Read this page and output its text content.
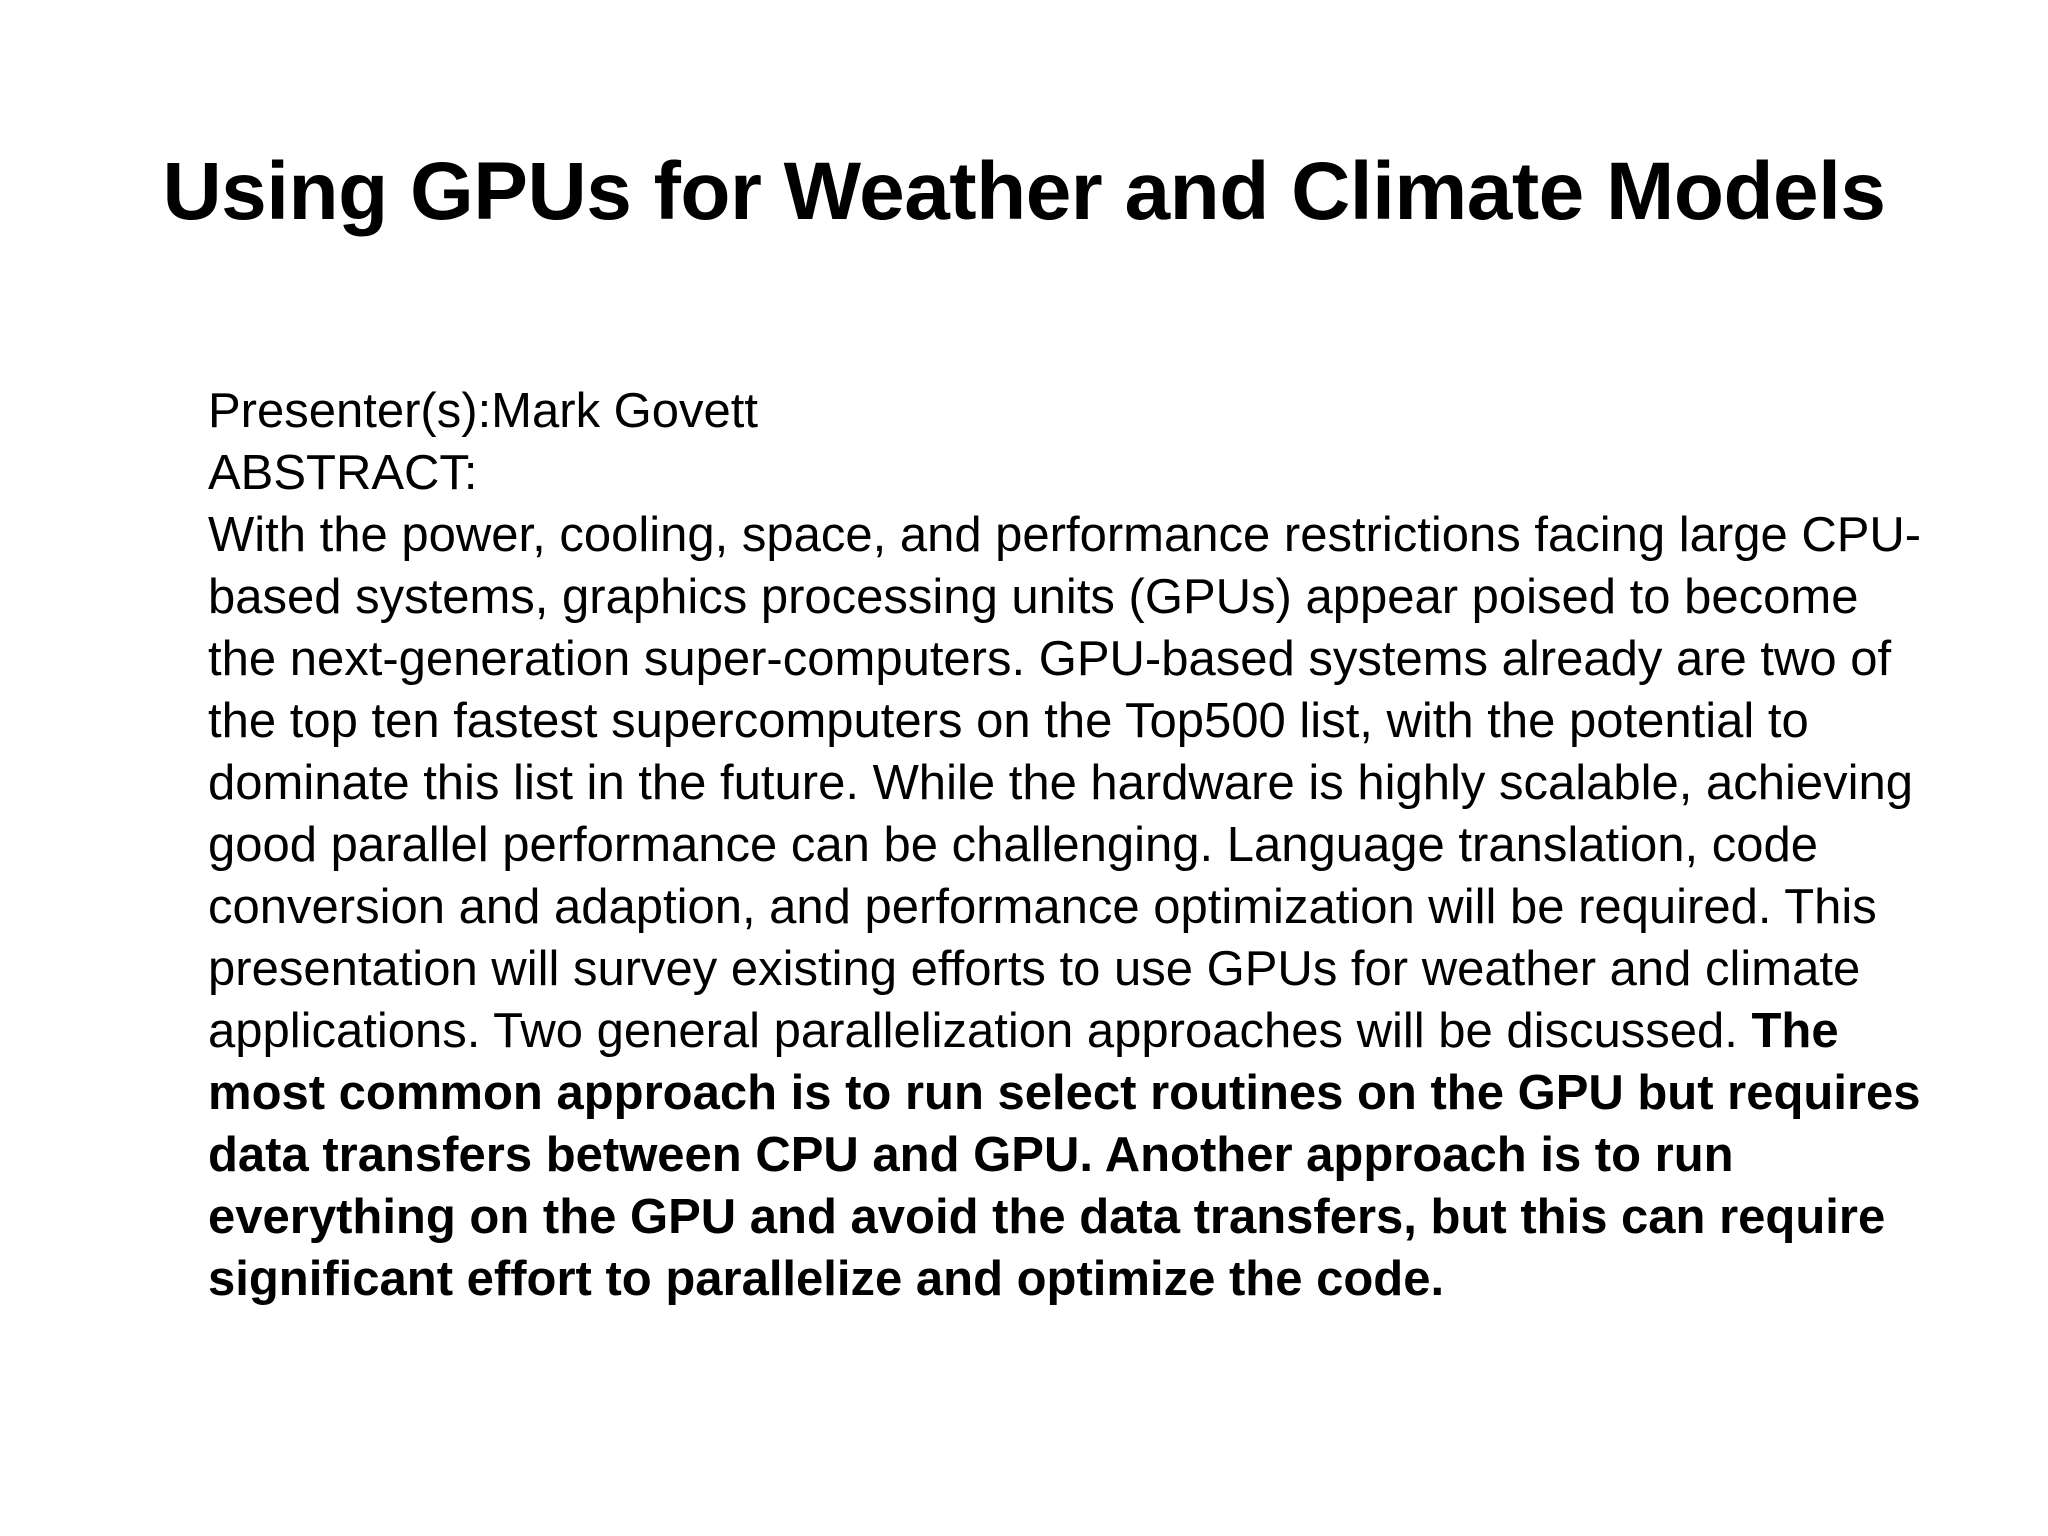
Using GPUs for Weather and Climate Models
Presenter(s):Mark Govett
ABSTRACT:
With the power, cooling, space, and performance restrictions facing large CPU-
based systems, graphics processing units (GPUs) appear poised to become
the next-generation super-computers. GPU-based systems already are two of
the top ten fastest supercomputers on the Top500 list, with the potential to
dominate this list in the future. While the hardware is highly scalable, achieving
good parallel performance can be challenging. Language translation, code
conversion and adaption, and performance optimization will be required. This
presentation will survey existing efforts to use GPUs for weather and climate
applications. Two general parallelization approaches will be discussed. The
most common approach is to run select routines on the GPU but requires
data transfers between CPU and GPU. Another approach is to run
everything on the GPU and avoid the data transfers, but this can require
significant effort to parallelize and optimize the code.
